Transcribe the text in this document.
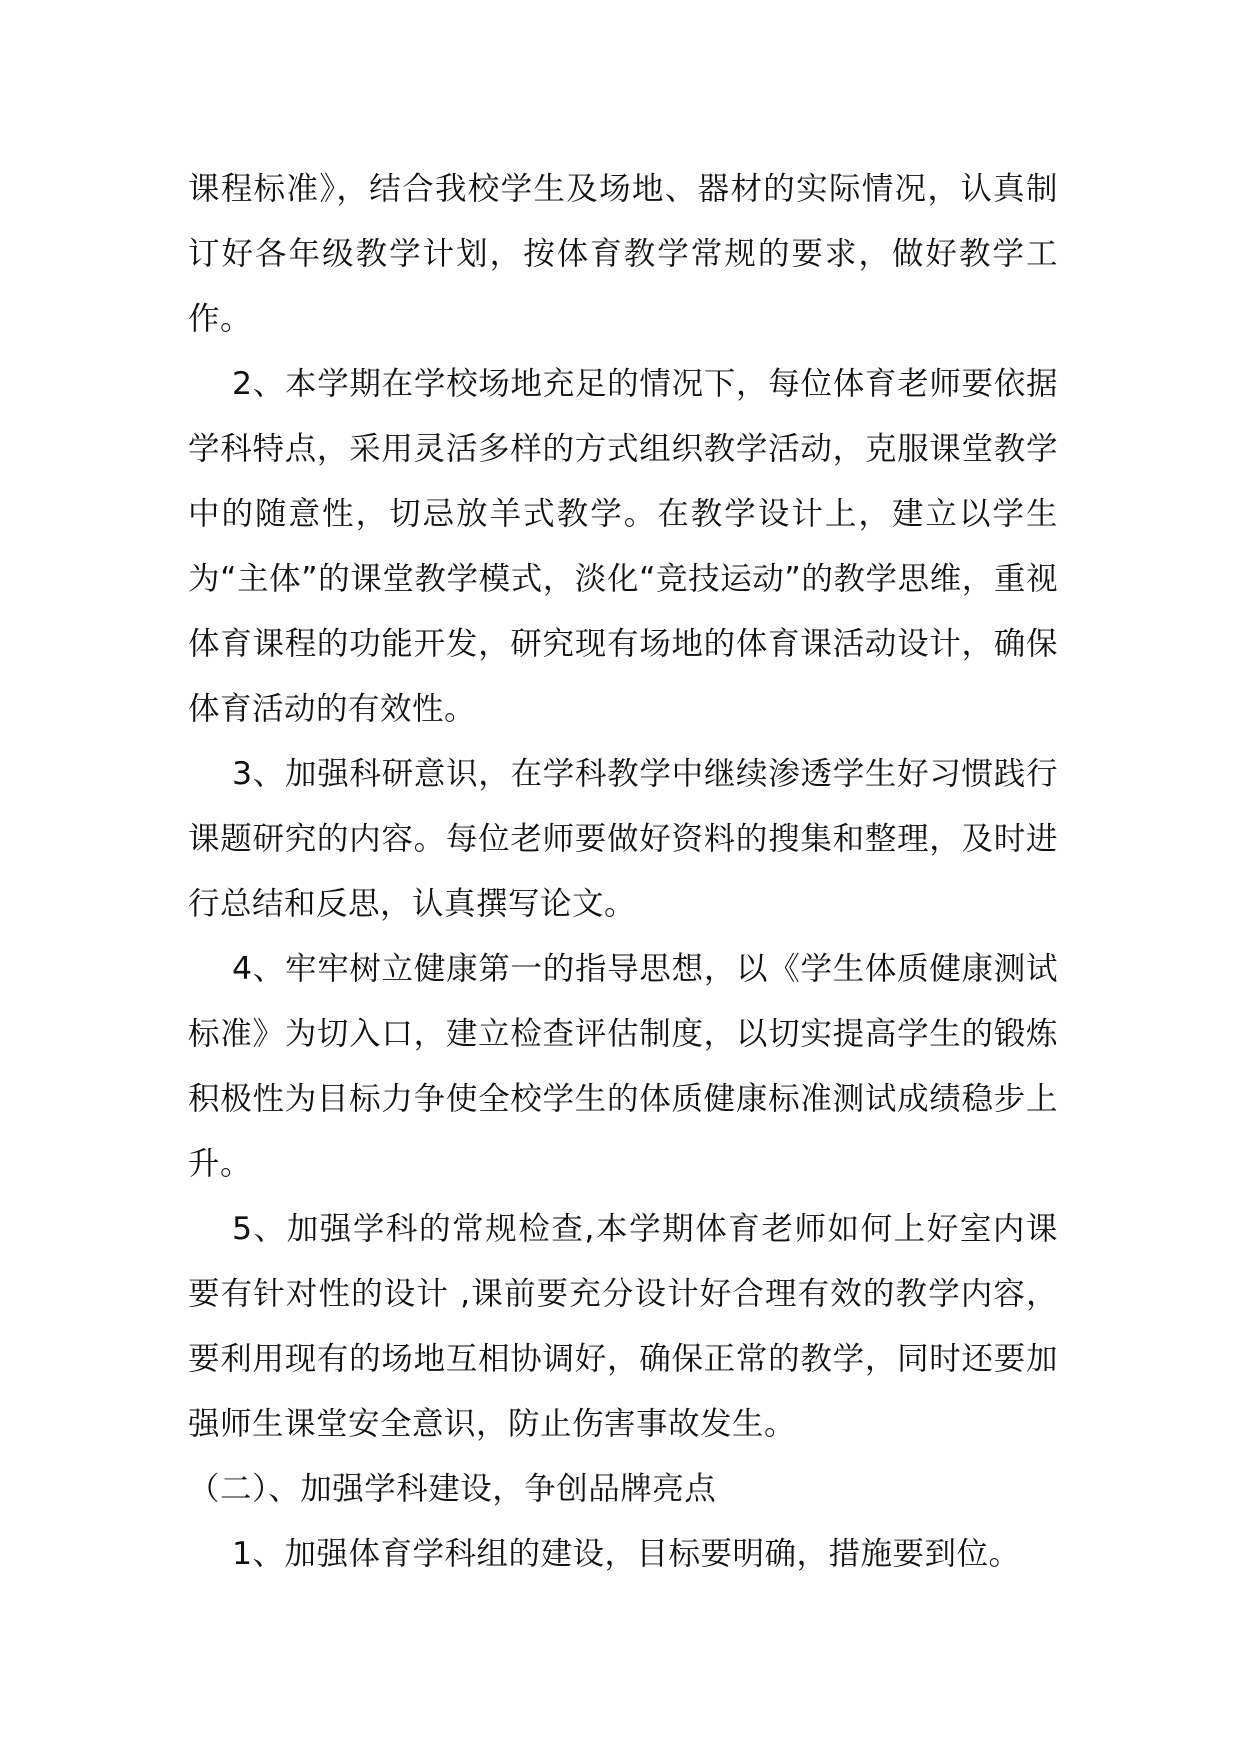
课程标准》，结合我校学生及场地、器材的实际情况，认真制订好各年级教学计划，按体育教学常规的要求，做好教学工作。

2、本学期在学校场地充足的情况下，每位体育老师要依据学科特点，采用灵活多样的方式组织教学活动，克服课堂教学中的随意性，切忌放羊式教学。在教学设计上，建立以学生为“主体”的课堂教学模式，淡化“竞技运动”的教学思维，重视体育课程的功能开发，研究现有场地的体育课活动设计，确保体育活动的有效性。

3、加强科研意识，在学科教学中继续渗透学生好习惯践行课题研究的内容。每位老师要做好资料的搜集和整理，及时进行总结和反思，认真撰写论文。

4、牢牢树立健康第一的指导思想，以《学生体质健康测试标准》为切入口，建立检查评估制度，以切实提高学生的锻炼积极性为目标力争使全校学生的体质健康标准测试成绩稳步上升。

5、加强学科的常规检查,本学期体育老师如何上好室内课要有针对性的设计 ,课前要充分设计好合理有效的教学内容，要利用现有的场地互相协调好，确保正常的教学，同时还要加强师生课堂安全意识，防止伤害事故发生。

（二）、加强学科建设，争创品牌亮点

1、加强体育学科组的建设，目标要明确，措施要到位。
